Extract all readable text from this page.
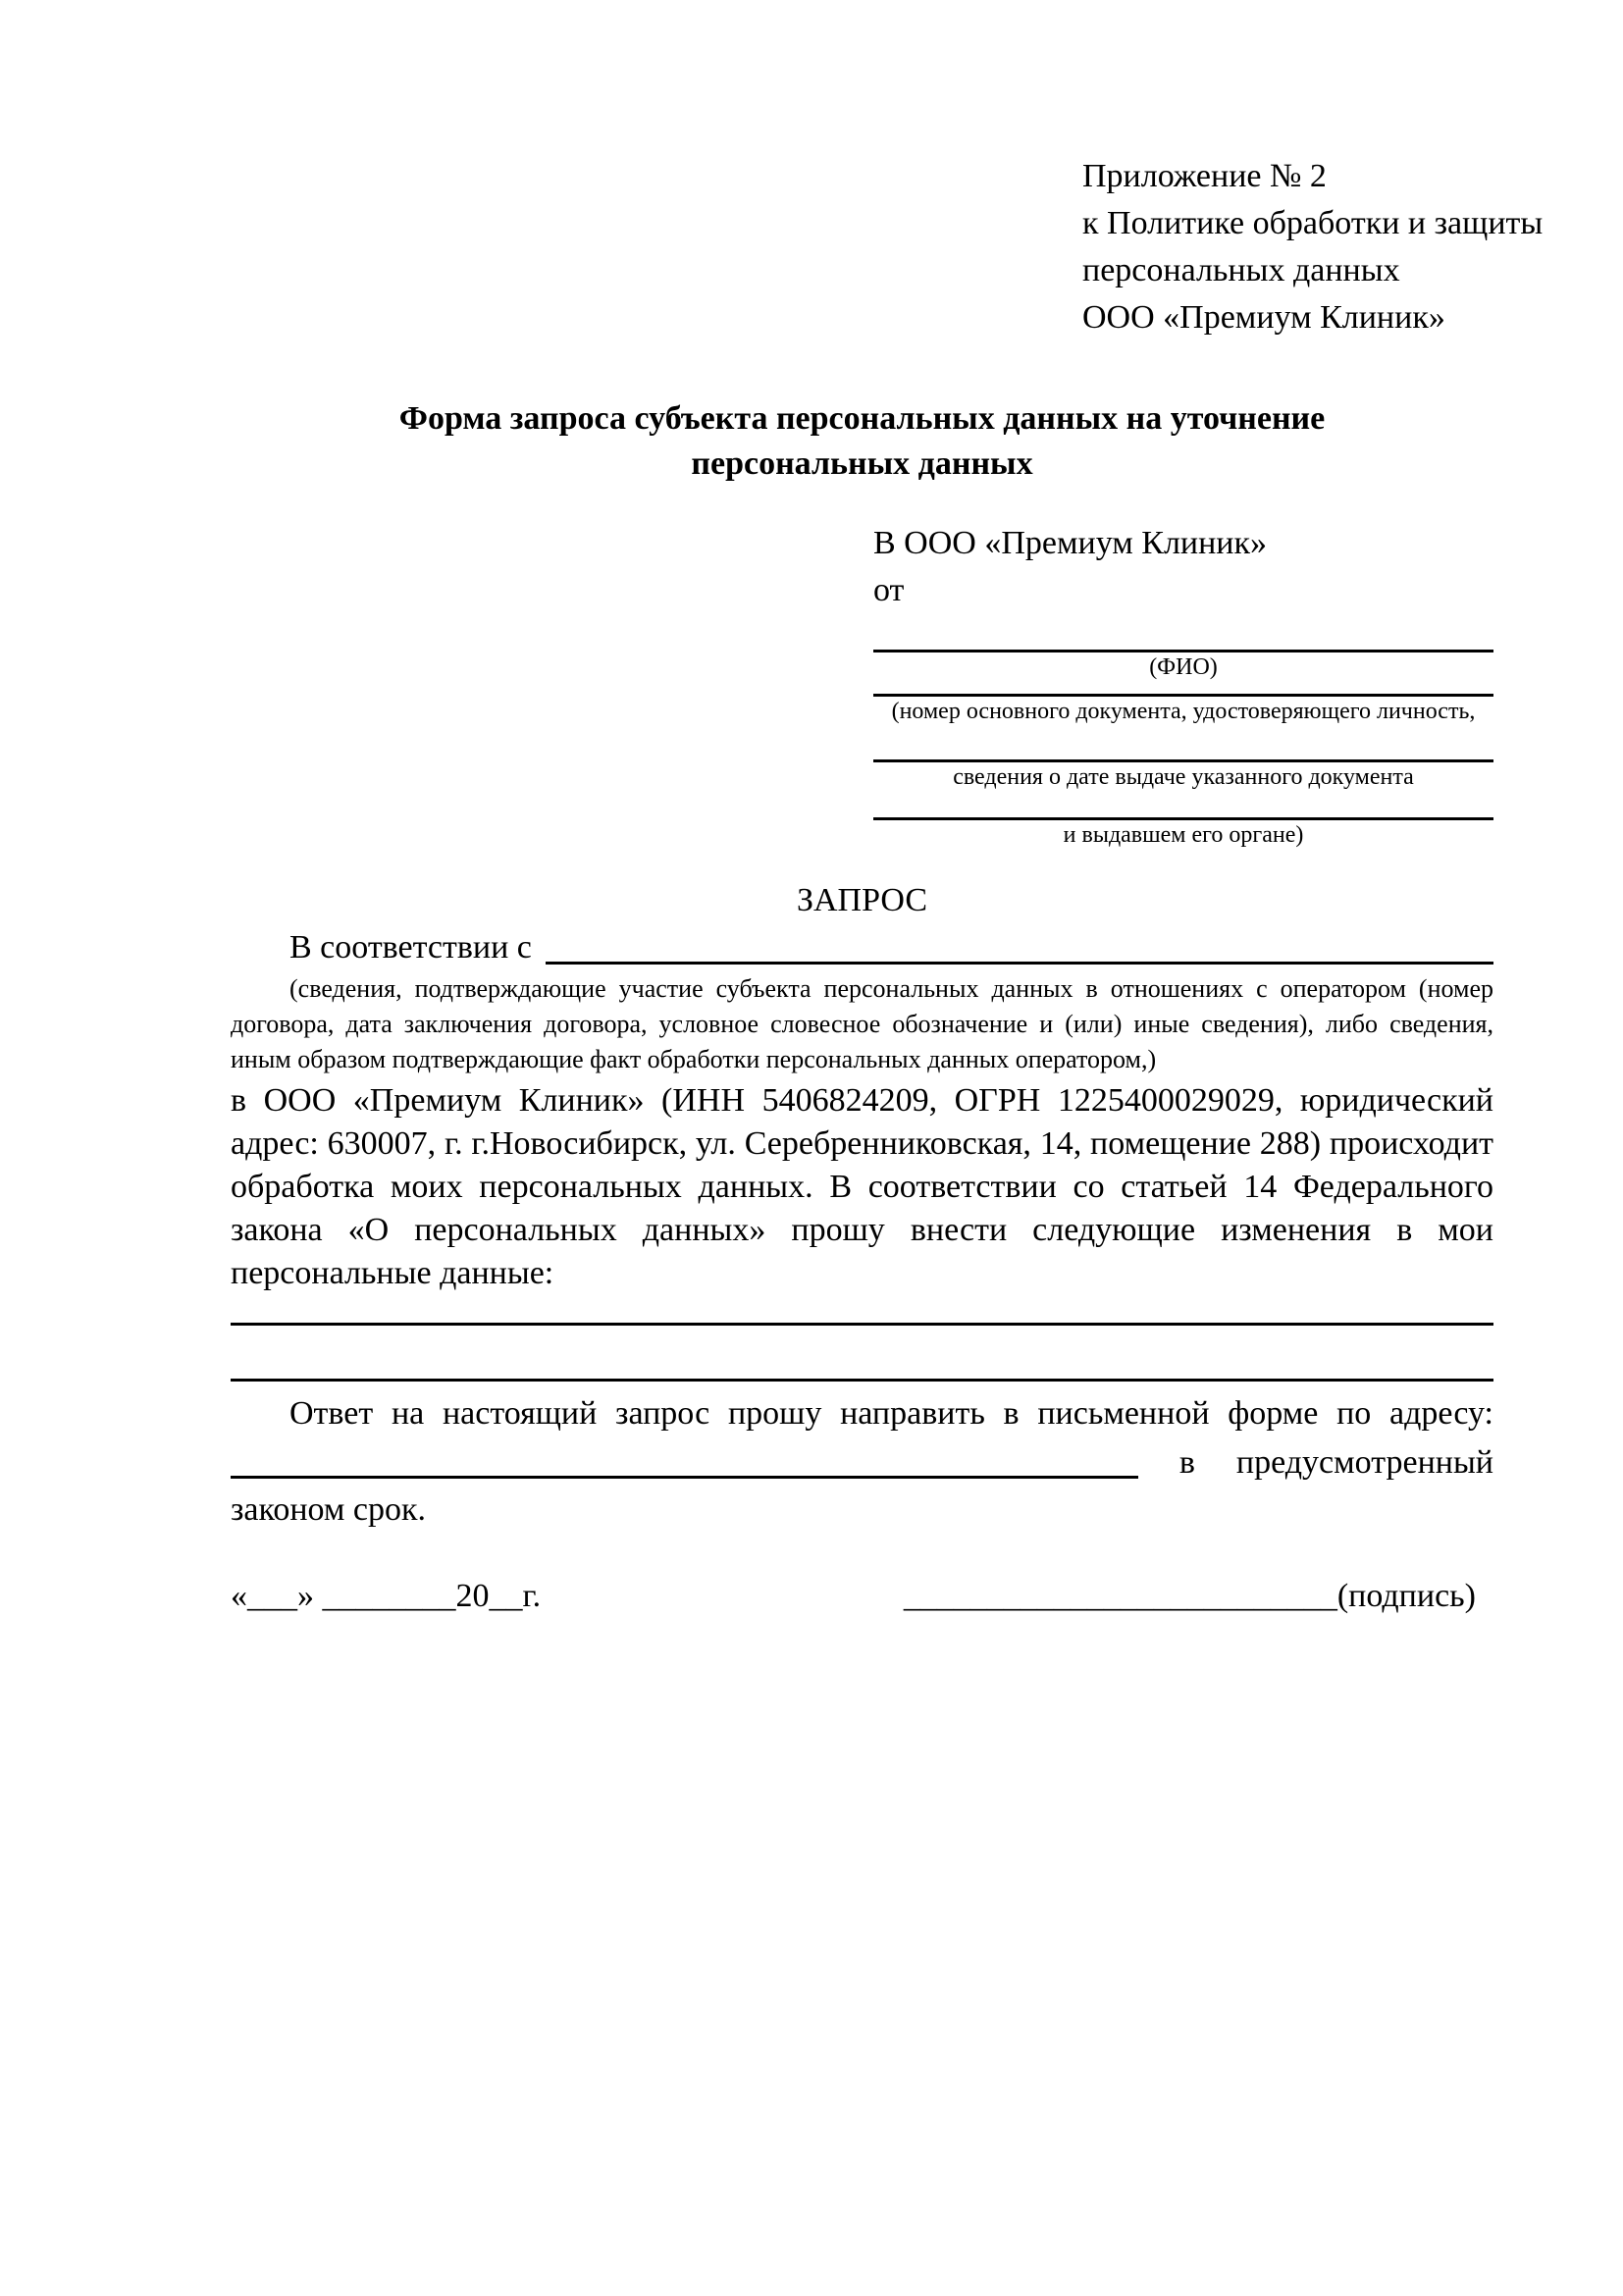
Приложение № 2
к Политике обработки и защиты
персональных данных
ООО «Премиум Клиник»
Форма запроса субъекта персональных данных на уточнение персональных данных
В ООО «Премиум Клиник»
от
(ФИО)
(номер основного документа, удостоверяющего личность,
сведения о дате выдаче указанного документа
и выдавшем его органе)
ЗАПРОС
В соответствии с
(сведения, подтверждающие участие субъекта персональных данных в отношениях с оператором (номер договора, дата заключения договора, условное словесное обозначение и (или) иные сведения), либо сведения, иным образом подтверждающие факт обработки персональных данных оператором,)
в ООО «Премиум Клиник» (ИНН 5406824209, ОГРН 1225400029029, юридический адрес: 630007, г. г.Новосибирск, ул. Серебренниковская, 14, помещение 288) происходит обработка моих персональных данных. В соответствии со статьей 14 Федерального закона «О персональных данных» прошу внести следующие изменения в мои персональные данные:
Ответ на настоящий запрос прошу направить в письменной форме по адресу:
в предусмотренный
законом срок.
«___» ________20__г.	__________________________(подпись)
